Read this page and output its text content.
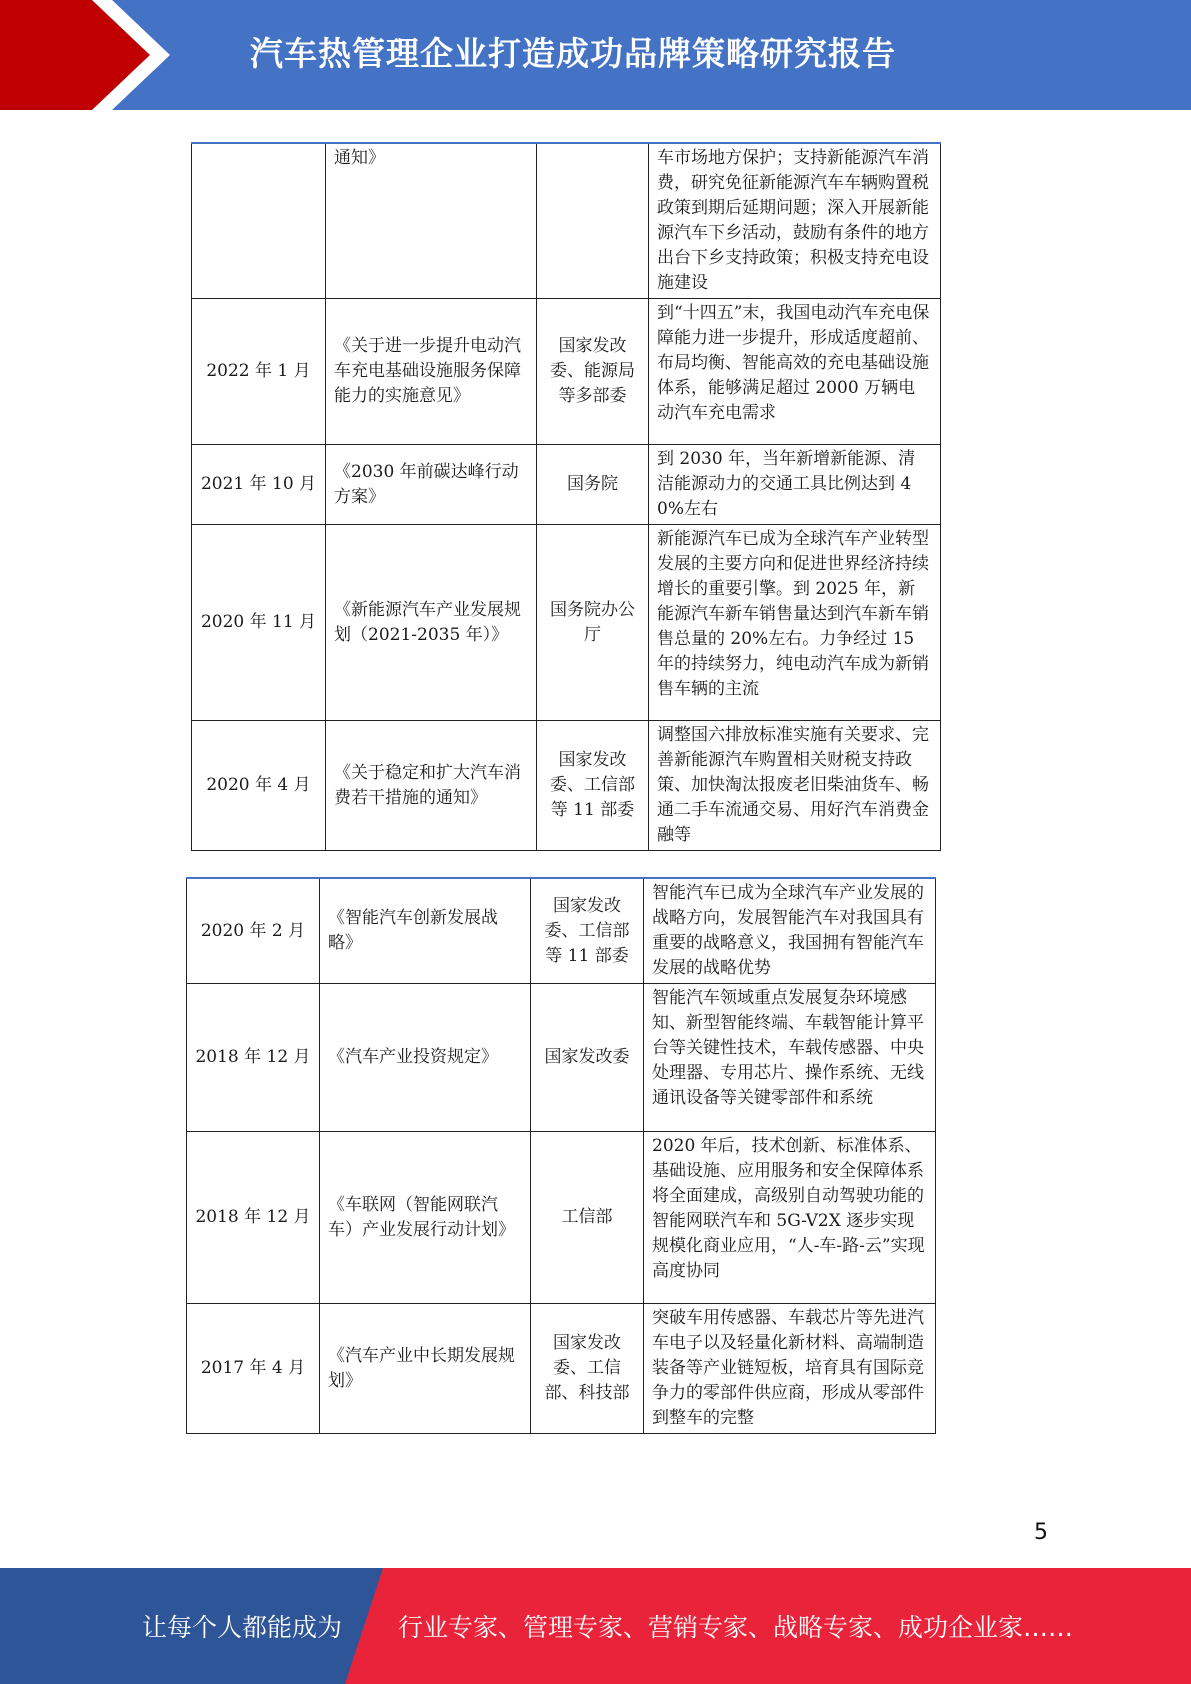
汽车热管理企业打造成功品牌策略研究报告
	通知》		车市场地方保护；支持新能源汽车消费，研究免征新能源汽车车辆购置税政策到期后延期问题；深入开展新能源汽车下乡活动，鼓励有条件的地方出台下乡支持政策；积极支持充电设施建设
2022 年 1 月	《关于进一步提升电动汽车充电基础设施服务保障能力的实施意见》	国家发改委、能源局等多部委	到“十四五”末，我国电动汽车充电保障能力进一步提升，形成适度超前、布局均衡、智能高效的充电基础设施体系，能够满足超过 2000 万辆电动汽车充电需求
2021 年 10 月	《2030 年前碳达峰行动方案》	国务院	到 2030 年，当年新增新能源、清洁能源动力的交通工具比例达到 40%左右
2020 年 11 月	《新能源汽车产业发展规划（2021-2035 年）》	国务院办公厅	新能源汽车已成为全球汽车产业转型发展的主要方向和促进世界经济持续增长的重要引擎。到 2025 年，新能源汽车新车销售量达到汽车新车销售总量的 20%左右。力争经过 15 年的持续努力，纯电动汽车成为新销售车辆的主流
2020 年 4 月	《关于稳定和扩大汽车消费若干措施的通知》	国家发改委、工信部等 11 部委	调整国六排放标准实施有关要求、完善新能源汽车购置相关财税支持政策、加快淘汰报废老旧柴油货车、畅通二手车流通交易、用好汽车消费金融等
2020 年 2 月	《智能汽车创新发展战略》	国家发改委、工信部等 11 部委	智能汽车已成为全球汽车产业发展的战略方向，发展智能汽车对我国具有重要的战略意义，我国拥有智能汽车发展的战略优势
2018 年 12 月	《汽车产业投资规定》	国家发改委	智能汽车领域重点发展复杂环境感知、新型智能终端、车载智能计算平台等关键性技术，车载传感器、中央处理器、专用芯片、操作系统、无线通讯设备等关键零部件和系统
2018 年 12 月	《车联网（智能网联汽车）产业发展行动计划》	工信部	2020 年后，技术创新、标准体系、基础设施、应用服务和安全保障体系将全面建成，高级别自动驾驶功能的智能网联汽车和 5G-V2X 逐步实现规模化商业应用，“人-车-路-云”实现高度协同
2017 年 4 月	《汽车产业中长期发展规划》	国家发改委、工信部、科技部	突破车用传感器、车载芯片等先进汽车电子以及轻量化新材料、高端制造装备等产业链短板，培育具有国际竞争力的零部件供应商，形成从零部件到整车的完整
5
让每个人都能成为 行业专家、管理专家、营销专家、战略专家、成功企业家……
